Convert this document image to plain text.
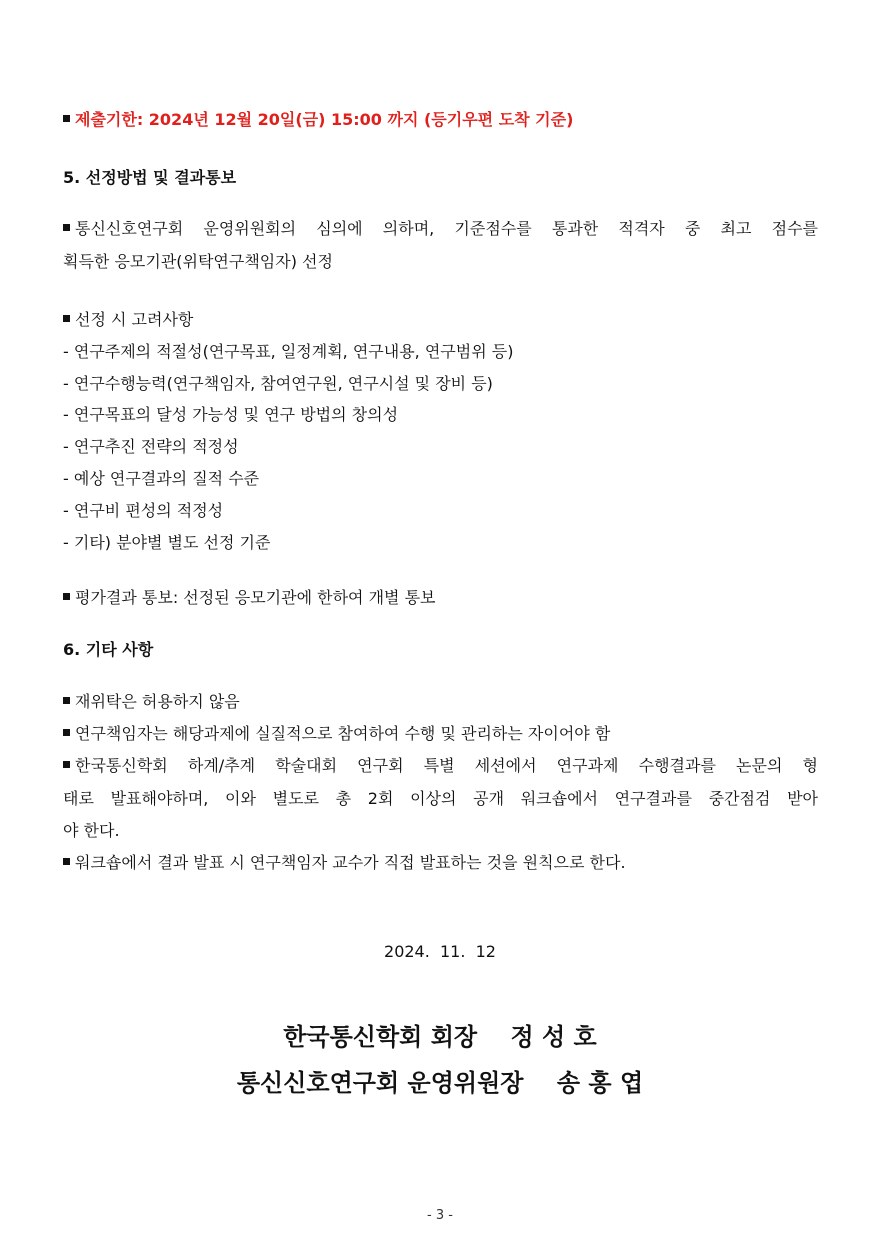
제출기한: 2024년 12월 20일(금) 15:00 까지 (등기우편 도착 기준)
5. 선정방법 및 결과통보
통신신호연구회 운영위원회의 심의에 의하며, 기준점수를 통과한 적격자 중 최고 점수를
획득한 응모기관(위탁연구책임자) 선정
선정 시 고려사항
- 연구주제의 적절성(연구목표, 일정계획, 연구내용, 연구범위 등)
- 연구수행능력(연구책임자, 참여연구원, 연구시설 및 장비 등)
- 연구목표의 달성 가능성 및 연구 방법의 창의성
- 연구추진 전략의 적정성
- 예상 연구결과의 질적 수준
- 연구비 편성의 적정성
- 기타) 분야별 별도 선정 기준
평가결과 통보: 선정된 응모기관에 한하여 개별 통보
6. 기타 사항
재위탁은 허용하지 않음
연구책임자는 해당과제에 실질적으로 참여하여 수행 및 관리하는 자이어야 함
한국통신학회 하계/추계 학술대회 연구회 특별 세션에서 연구과제 수행결과를 논문의 형
태로 발표해야하며, 이와 별도로 총 2회 이상의 공개 워크숍에서 연구결과를 중간점검 받아
야 한다.
워크숍에서 결과 발표 시 연구책임자 교수가 직접 발표하는 것을 원칙으로 한다.
2024.  11.  12
한국통신학회 회장    정 성 호
통신신호연구회 운영위원장    송 홍 엽
- 3 -
